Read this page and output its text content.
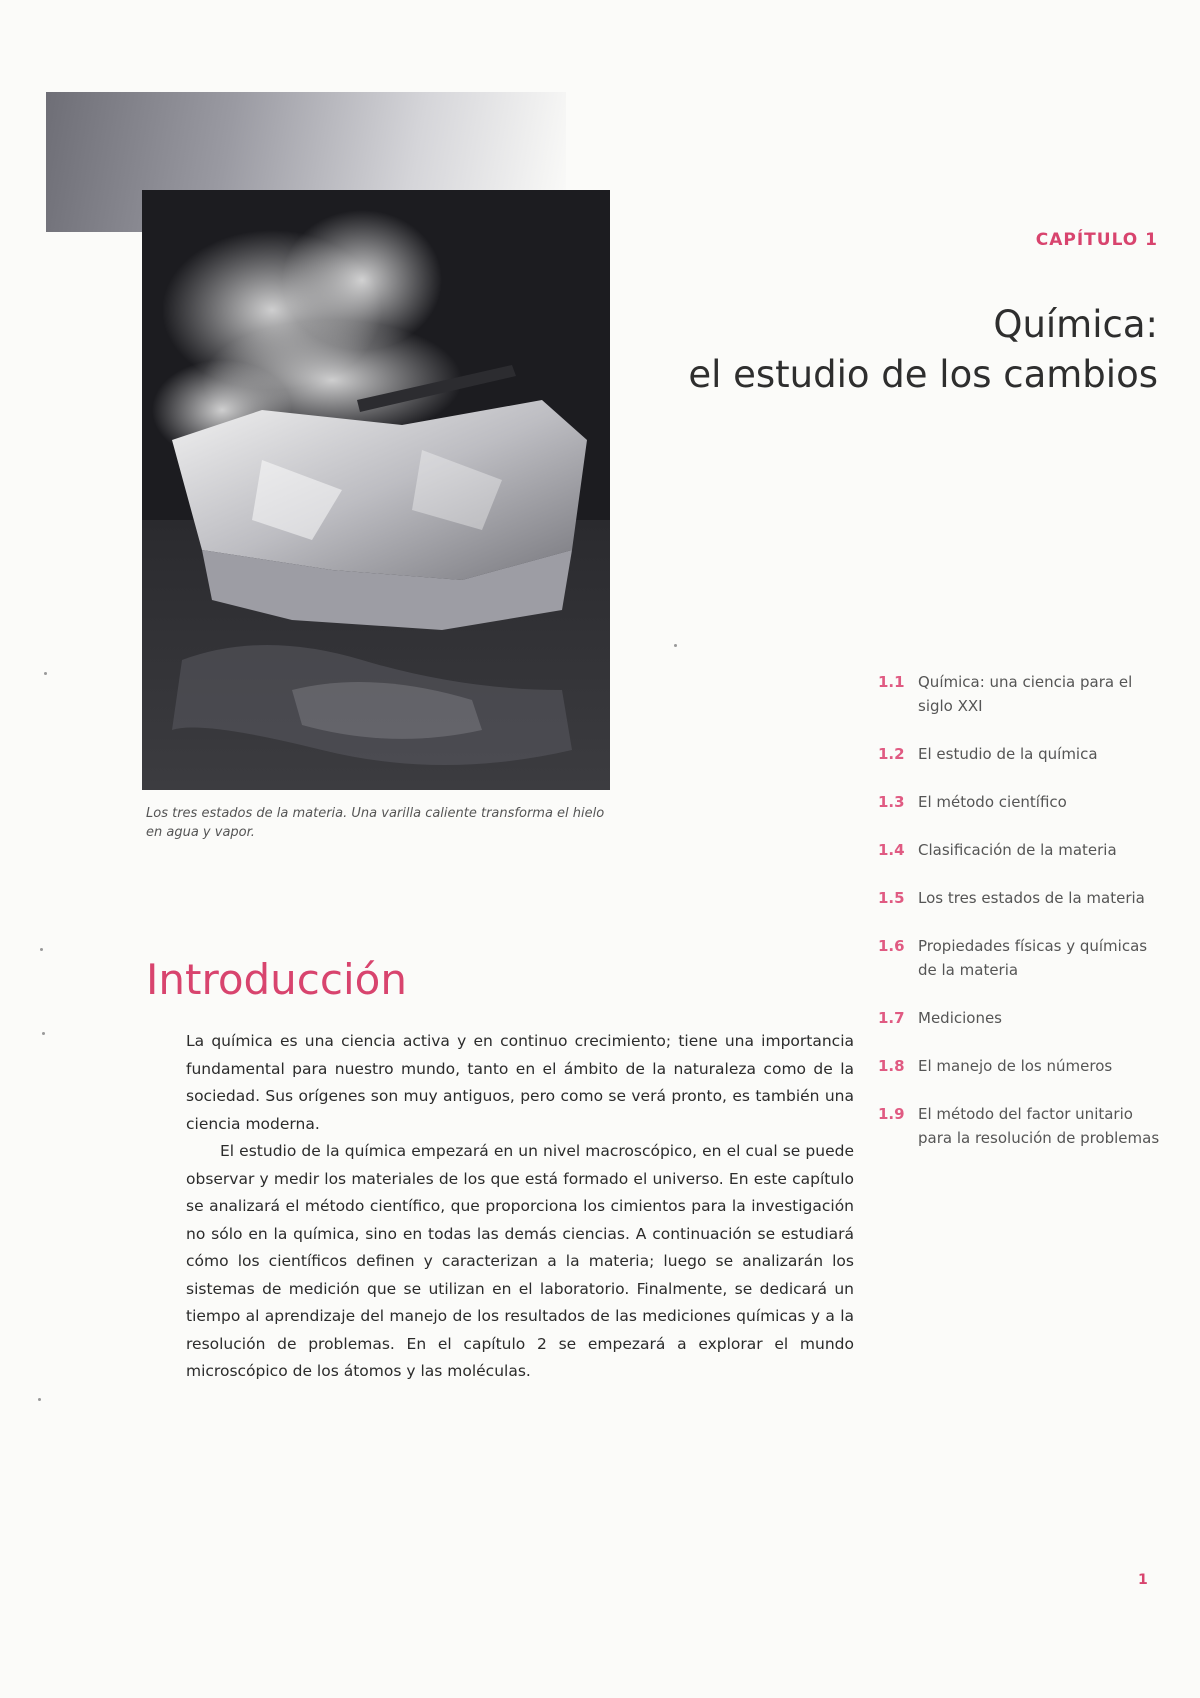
Los tres estados de la materia. Una varilla caliente transforma el hielo en agua y vapor.
CAPÍTULO 1
Química:
el estudio de los cambios
1.1 Química: una ciencia para el siglo XXI
1.2 El estudio de la química
1.3 El método científico
1.4 Clasificación de la materia
1.5 Los tres estados de la materia
1.6 Propiedades físicas y químicas de la materia
1.7 Mediciones
1.8 El manejo de los números
1.9 El método del factor unitario para la resolución de problemas
Introducción

La química es una ciencia activa y en continuo crecimiento; tiene una importancia fundamental para nuestro mundo, tanto en el ámbito de la naturaleza como de la sociedad. Sus orígenes son muy antiguos, pero como se verá pronto, es también una ciencia moderna.

El estudio de la química empezará en un nivel macroscópico, en el cual se puede observar y medir los materiales de los que está formado el universo. En este capítulo se analizará el método científico, que proporciona los cimientos para la investigación no sólo en la química, sino en todas las demás ciencias. A continuación se estudiará cómo los científicos definen y caracterizan a la materia; luego se analizarán los sistemas de medición que se utilizan en el laboratorio. Finalmente, se dedicará un tiempo al aprendizaje del manejo de los resultados de las mediciones químicas y a la resolución de problemas. En el capítulo 2 se empezará a explorar el mundo microscópico de los átomos y las moléculas.

1
